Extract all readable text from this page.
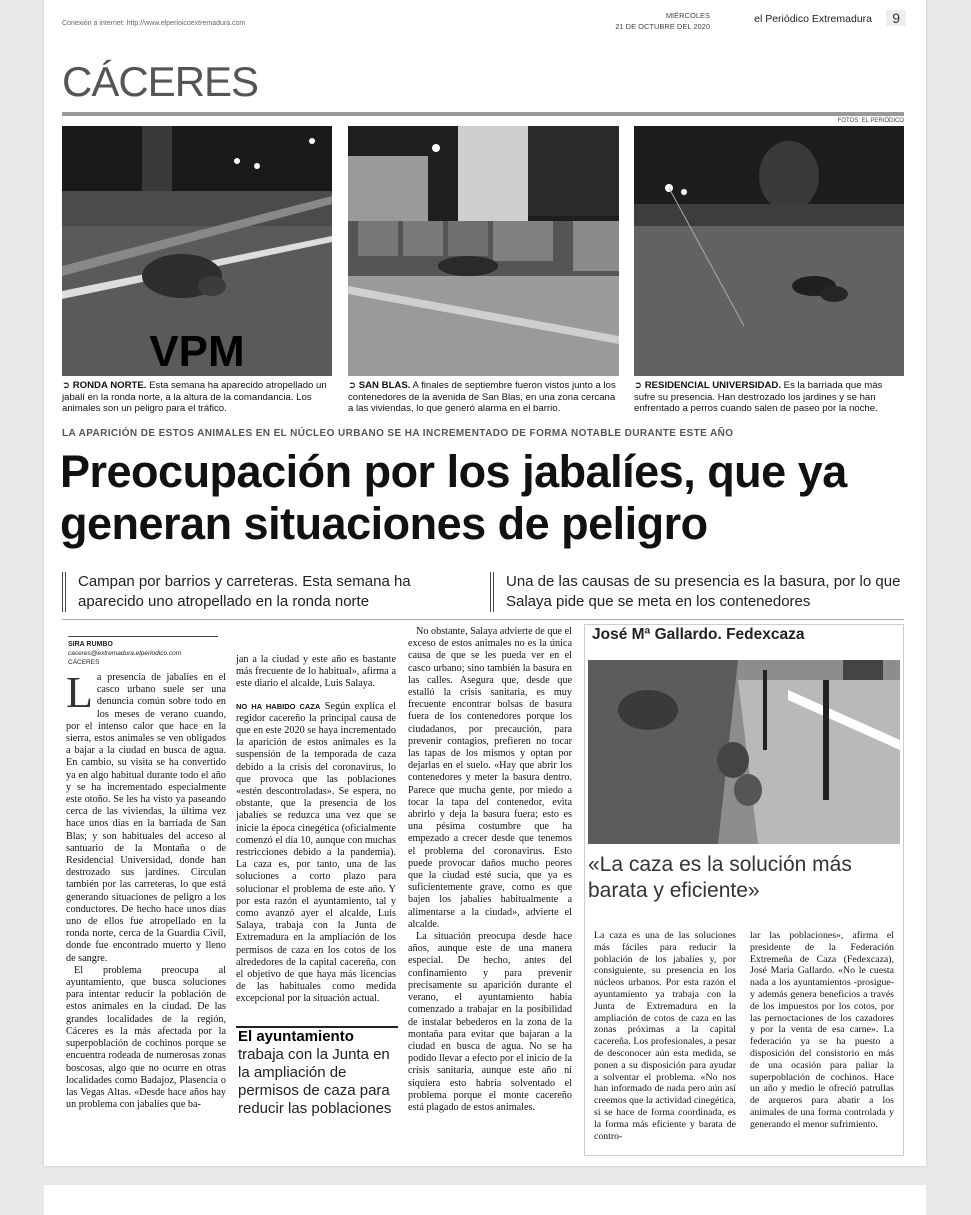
Conexión a internet: http://www.elperioicoextremadura.com
MIÉRCOLES
21 DE OCTUBRE DEL 2020
el Periódico Extremadura	9
CÁCERES
FOTOS: EL PERIÓDICO
VPM
➲ RONDA NORTE. Esta semana ha aparecido atropellado un jabalí en la ronda norte, a la altura de la comandancia. Los animales son un peligro para el tráfico.
➲ SAN BLAS. A finales de septiembre fueron vistos junto a los contenedores de la avenida de San Blas, en una zona cercana a las viviendas, lo que generó alarma en el barrio.
➲ RESIDENCIAL UNIVERSIDAD. Es la barriada que más sufre su presencia. Han destrozado los jardines y se han enfrentado a perros cuando salen de paseo por la noche.
LA APARICIÓN DE ESTOS ANIMALES EN EL NÚCLEO URBANO SE HA INCREMENTADO DE FORMA NOTABLE DURANTE ESTE AÑO
Preocupación por los jabalíes, que ya generan situaciones de peligro
Campan por barrios y carreteras. Esta semana ha aparecido uno atropellado en la ronda norte
Una de las causas de su presencia es la basura, por lo que Salaya pide que se meta en los contenedores
SIRA RUMBO
caceres@extremadura.elperiodico.com
CÁCERES
La presencia de jabalíes en el casco urbano suele ser una denuncia común sobre todo en los meses de verano cuando, por el intenso calor que hace en la sierra, estos animales se ven obligados a bajar a la ciudad en busca de agua. En cambio, su visita se ha convertido ya en algo habitual durante todo el año y se ha incrementado especialmente este otoño. Se les ha visto ya paseando cerca de las viviendas, la última vez hace unos días en la barriada de San Blas; y son habituales del acceso al santuario de la Montaña o de Residencial Universidad, donde han destrozado sus jardines. Circulan también por las carreteras, lo que está generando situaciones de peligro a los conductores. De hecho hace unos días uno de ellos fue atropellado en la ronda norte, cerca de la Guardia Civil, donde fue encontrado muerto y lleno de sangre.
El problema preocupa al ayuntamiento, que busca soluciones para intentar reducir la población de estos animales en la ciudad. De las grandes localidades de la región, Cáceres es la más afectada por la superpoblación de cochinos porque se encuentra rodeada de numerosas zonas boscosas, algo que no ocurre en otras localidades como Badajoz, Plasencia o las Vegas Altas. «Desde hace años hay un problema con jabalíes que ba-
jan a la ciudad y este año es bastante más frecuente de lo habitual», afirma a este diario el alcalde, Luis Salaya.
NO HA HABIDO CAZA Según explica el regidor cacereño la principal causa de que en este 2020 se haya incrementado la aparición de estos animales es la suspensión de la temporada de caza debido a la crisis del coronavirus, lo que provoca que las poblaciones «estén descontroladas». Se espera, no obstante, que la presencia de los jabalíes se reduzca una vez que se inicie la época cinegética (oficialmente comenzó el día 10, aunque con muchas restricciones debido a la pandemia). La caza es, por tanto, una de las soluciones a corto plazo para solucionar el problema de este año. Y por esta razón el ayuntamiento, tal y como avanzó ayer el alcalde, Luis Salaya, trabaja con la Junta de Extremadura en la ampliación de los permisos de caza en los cotos de los alrededores de la capital cacereña, con el objetivo de que haya más licencias de las habituales como medida excepcional por la situación actual.
El ayuntamiento
trabaja con la Junta en la ampliación de permisos de caza para reducir las poblaciones
No obstante, Salaya advierte de que el exceso de estos animales no es la única causa de que se les pueda ver en el casco urbano; sino también la basura en las calles. Asegura que, desde que estalló la crisis sanitaria, es muy frecuente encontrar bolsas de basura fuera de los contenedores porque los ciudadanos, por precaución, para prevenir contagios, prefieren no tocar las tapas de los mismos y optan por dejarlas en el suelo. «Hay que abrir los contenedores y meter la basura dentro. Parece que mucha gente, por miedo a tocar la tapa del contenedor, evita abrirlo y deja la basura fuera; esto es una pésima costumbre que ha empezado a crecer desde que tenemos el problema del coronavirus. Esto puede provocar daños mucho peores que la ciudad esté sucia, que ya es suficientemente grave, como es que bajen los jabalíes habitualmente a alimentarse a la ciudad», advierte el alcalde.
La situación preocupa desde hace años, aunque este de una manera especial. De hecho, antes del confinamiento y para prevenir precisamente su aparición durante el verano, el ayuntamiento había comenzado a trabajar en la posibilidad de instalar bebederos en la zona de la montaña para evitar que bajaran a la ciudad en busca de agua. No se ha podido llevar a efecto por el inicio de la crisis sanitaria, aunque este año ni siquiera esto habría solventado el problema porque el monte cacereño está plagado de estos animales.
José Mª Gallardo. Fedexcaza
«La caza es la solución más barata y eficiente»
La caza es una de las soluciones más fáciles para reducir la población de los jabalíes y, por consiguiente, su presencia en los núcleos urbanos. Por esta razón el ayuntamiento ya trabaja con la Junta de Extremadura en la ampliación de cotos de caza en las zonas próximas a la capital cacereña. Los profesionales, a pesar de desconocer aún esta medida, se ponen a su disposición para ayudar a solventar el problema. «No nos han informado de nada pero aún así creemos que la actividad cinegética, si se hace de forma coordinada, es la forma más eficiente y barata de contro-
lar las poblaciones», afirma el presidente de la Federación Extremeña de Caza (Fedexcaza), José María Gallardo. «No le cuesta nada a los ayuntamientos -prosigue- y además genera beneficios a través de los impuestos por los cotos, por las pernoctaciones de los cazadores y por la venta de esa carne». La federación ya se ha puesto a disposición del consistorio en más de una ocasión para paliar la superpoblación de cochinos. Hace un año y medio le ofreció patrullas de arqueros para abatir a los animales de una forma controlada y generando el menor sufrimiento.
